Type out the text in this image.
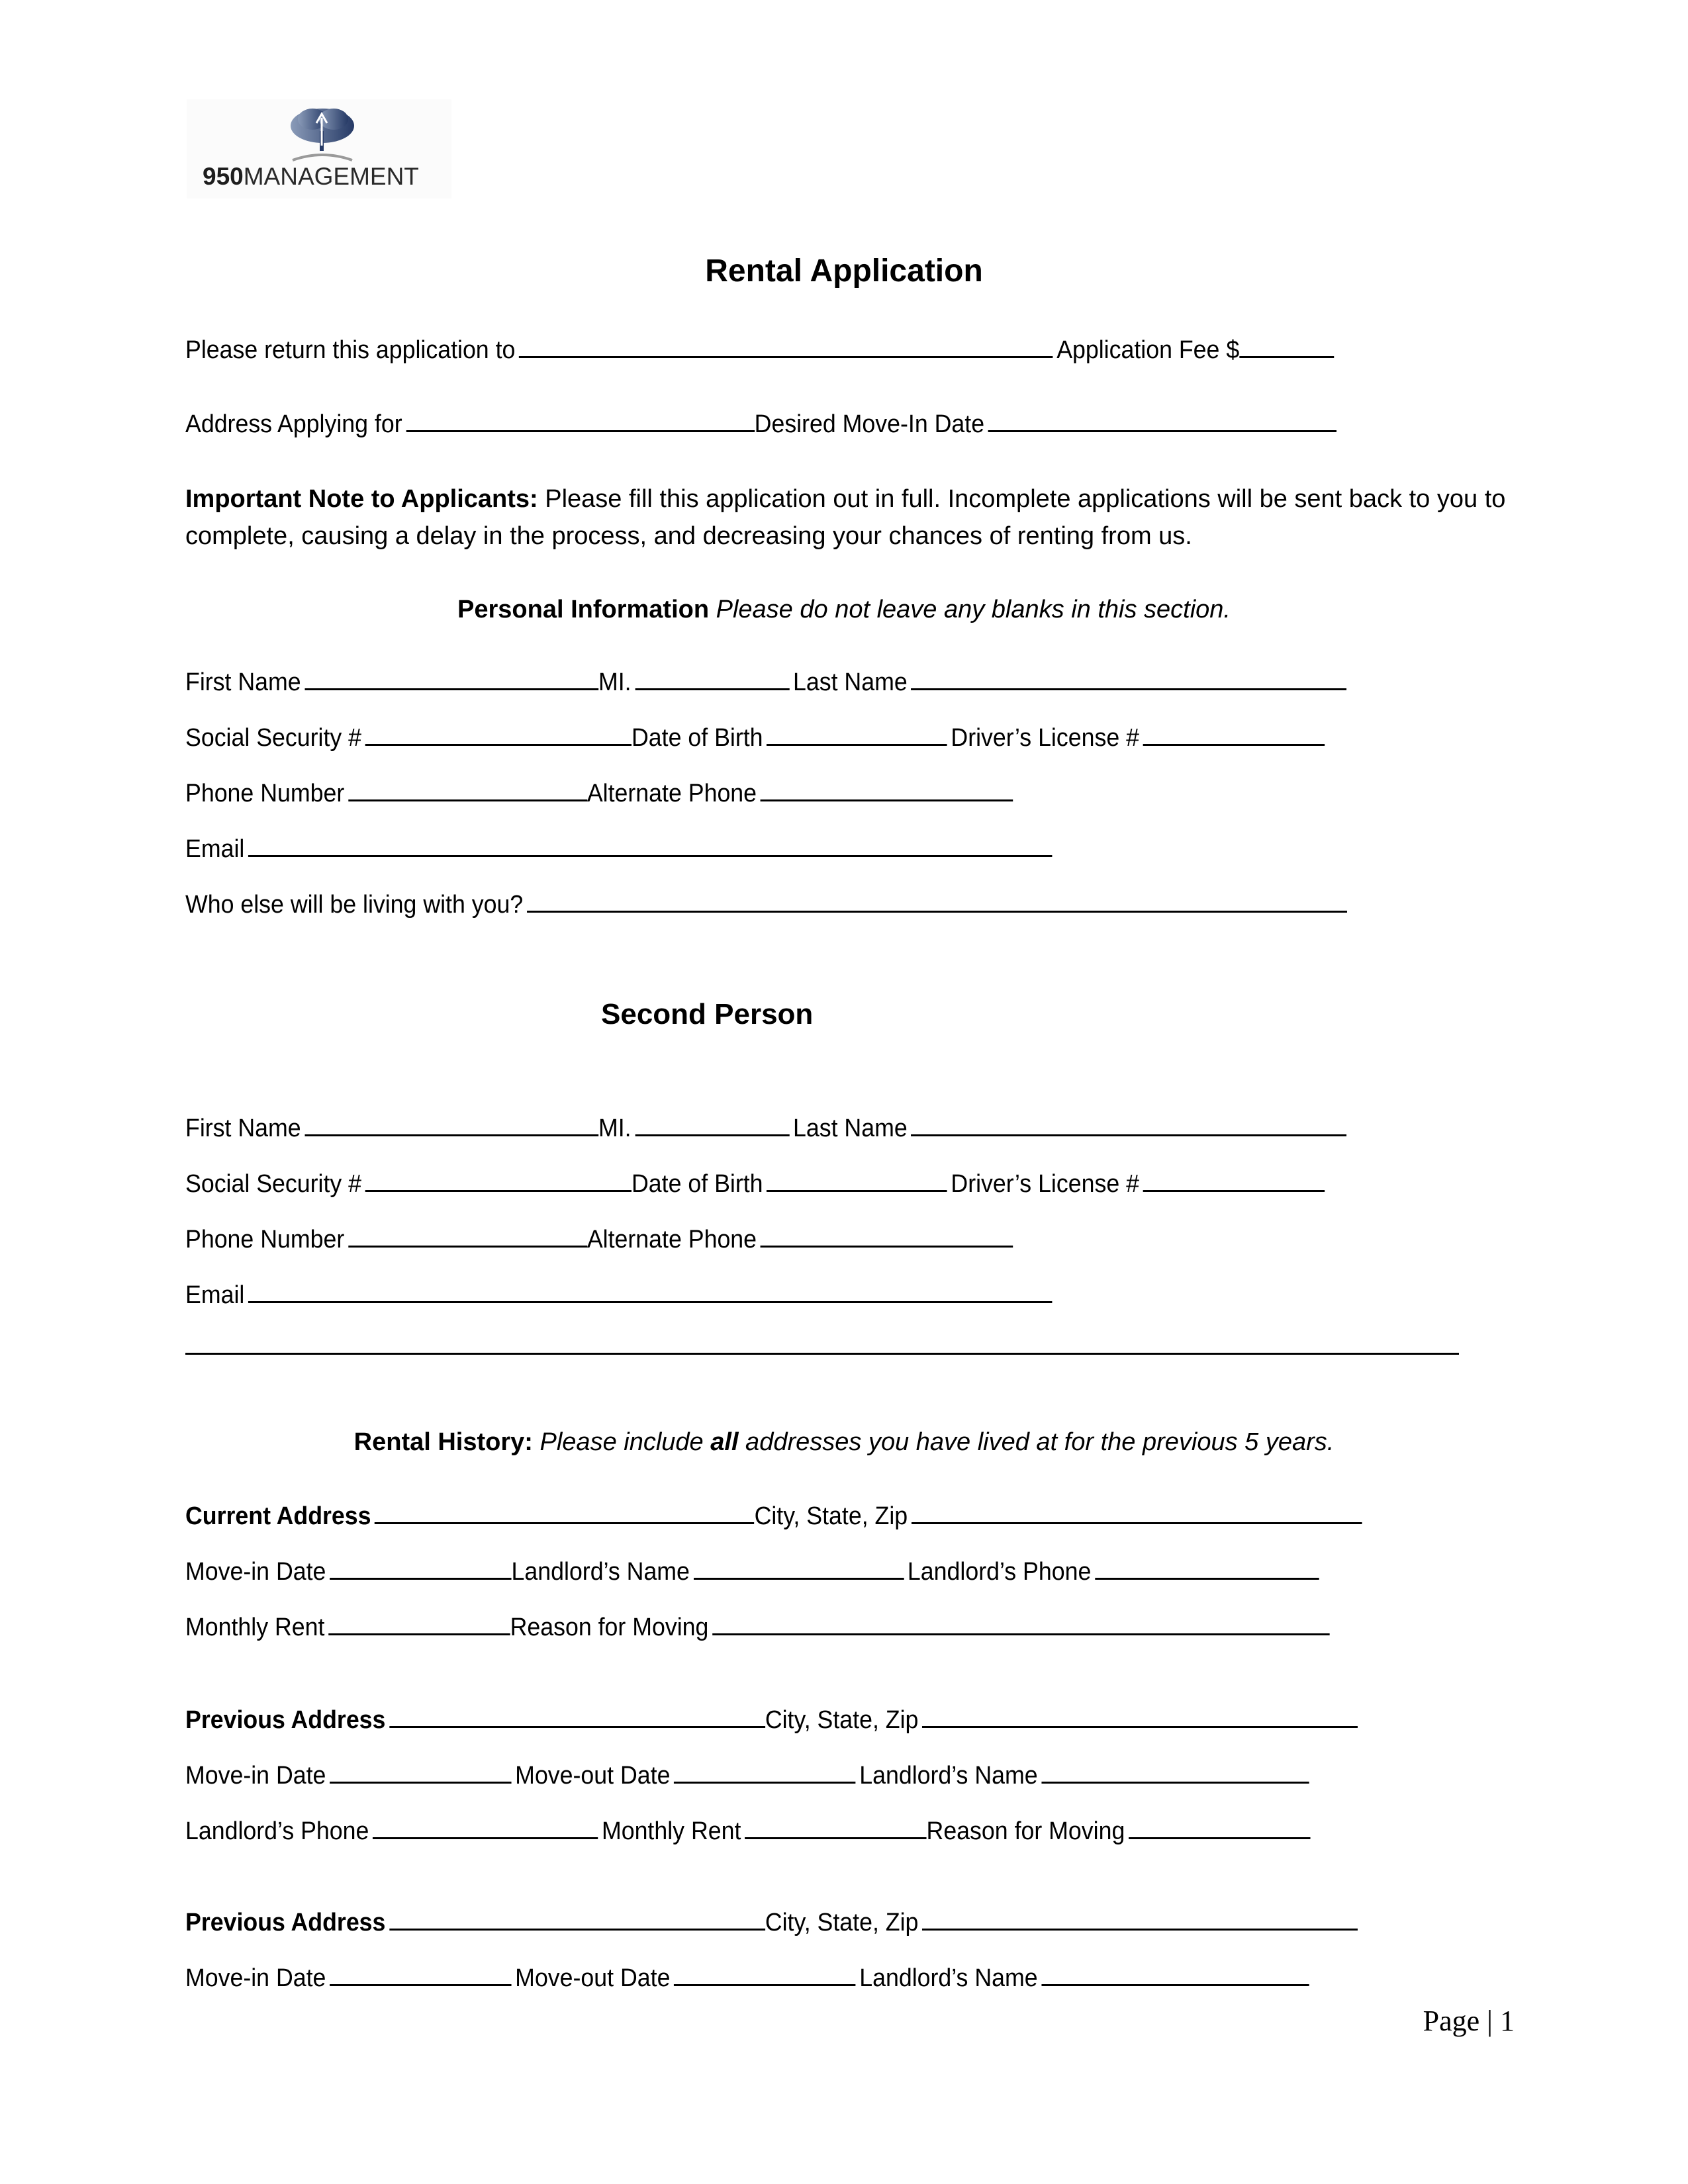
950MANAGEMENT
Rental Application
Please return this application to	Application Fee $
Address Applying for	Desired Move-In Date
Important Note to Applicants: Please fill this application out in full. Incomplete applications will be sent back to you to complete, causing a delay in the process, and decreasing your chances of renting from us.
Personal Information Please do not leave any blanks in this section.
First Name	MI.	Last Name
Social Security #	Date of Birth	Driver’s License #
Phone Number	Alternate Phone
Email
Who else will be living with you?
Second Person
First Name	MI.	Last Name
Social Security #	Date of Birth	Driver’s License #
Phone Number	Alternate Phone
Email
Rental History: Please include all addresses you have lived at for the previous 5 years.
Current Address	City, State, Zip
Move-in Date	Landlord’s Name	Landlord’s Phone
Monthly Rent	Reason for Moving
Previous Address	City, State, Zip
Move-in Date	Move-out Date	Landlord’s Name
Landlord’s Phone	Monthly Rent	Reason for Moving
Previous Address	City, State, Zip
Move-in Date	Move-out Date	Landlord’s Name
Page | 1
